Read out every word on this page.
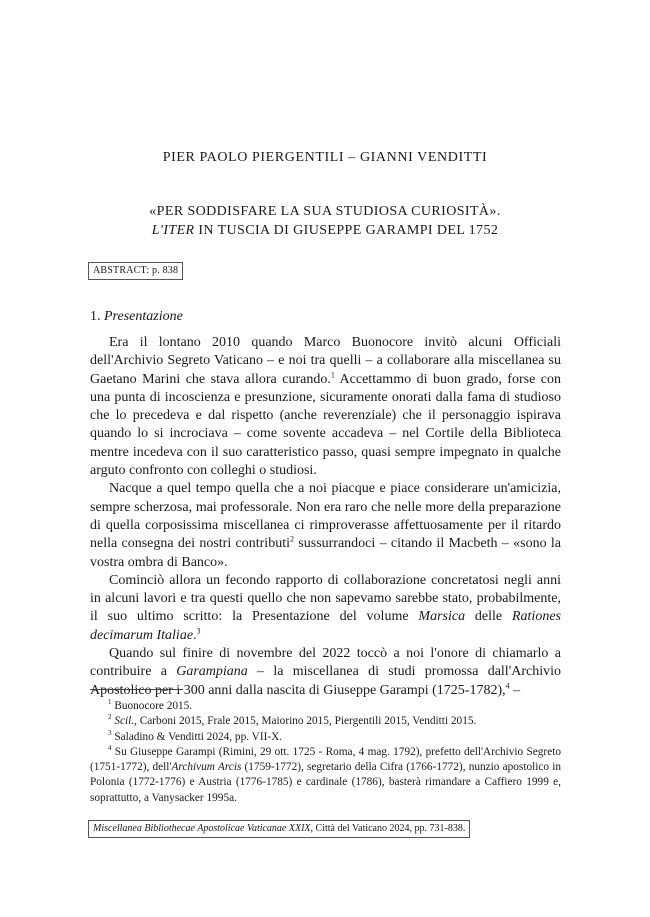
PIER PAOLO PIERGENTILI – GIANNI VENDITTI
«PER SODDISFARE LA SUA STUDIOSA CURIOSITÀ».
L'ITER IN TUSCIA DI GIUSEPPE GARAMPI DEL 1752
ABSTRACT: p. 838
1. Presentazione

Era il lontano 2010 quando Marco Buonocore invitò alcuni Officiali dell'Archivio Segreto Vaticano – e noi tra quelli – a collaborare alla miscellanea su Gaetano Marini che stava allora curando.$^1$ Accettammo di buon grado, forse con una punta di incoscienza e presunzione, sicuramente onorati dalla fama di studioso che lo precedeva e dal rispetto (anche reverenziale) che il personaggio ispirava quando lo si incrociava – come sovente accadeva – nel Cortile della Biblioteca mentre incedeva con il suo caratteristico passo, quasi sempre impegnato in qualche arguto confronto con colleghi o studiosi.

Nacque a quel tempo quella che a noi piacque e piace considerare un'amicizia, sempre scherzosa, mai professorale. Non era raro che nelle more della preparazione di quella corposissima miscellanea ci rimproverasse affettuosamente per il ritardo nella consegna dei nostri contributi$^2$ sussurrandoci – citando il Macbeth – «sono la vostra ombra di Banco».

Cominciò allora un fecondo rapporto di collaborazione concretatosi negli anni in alcuni lavori e tra questi quello che non sapevamo sarebbe stato, probabilmente, il suo ultimo scritto: la Presentazione del volume Marsica delle Rationes decimarum Italiae.$^3$

Quando sul finire di novembre del 2022 toccò a noi l'onore di chiamarlo a contribuire a Garampiana – la miscellanea di studi promossa dall'Archivio Apostolico per i 300 anni dalla nascita di Giuseppe Garampi (1725-1782),$^4$ –

$^1$ Buonocore 2015.

$^2$ Scil., Carboni 2015, Frale 2015, Maiorino 2015, Piergentili 2015, Venditti 2015.

$^3$ Saladino & Venditti 2024, pp. VII-X.

$^4$ Su Giuseppe Garampi (Rimini, 29 ott. 1725 - Roma, 4 mag. 1792), prefetto dell'Archivio Segreto (1751-1772), dell'Archivum Arcis (1759-1772), segretario della Cifra (1766-1772), nunzio apostolico in Polonia (1772-1776) e Austria (1776-1785) e cardinale (1786), basterà rimandare a Caffiero 1999 e, soprattutto, a Vanysacker 1995a.

Miscellanea Bibliothecae Apostolicae Vaticanae XXIX, Città del Vaticano 2024, pp. 731-838.
